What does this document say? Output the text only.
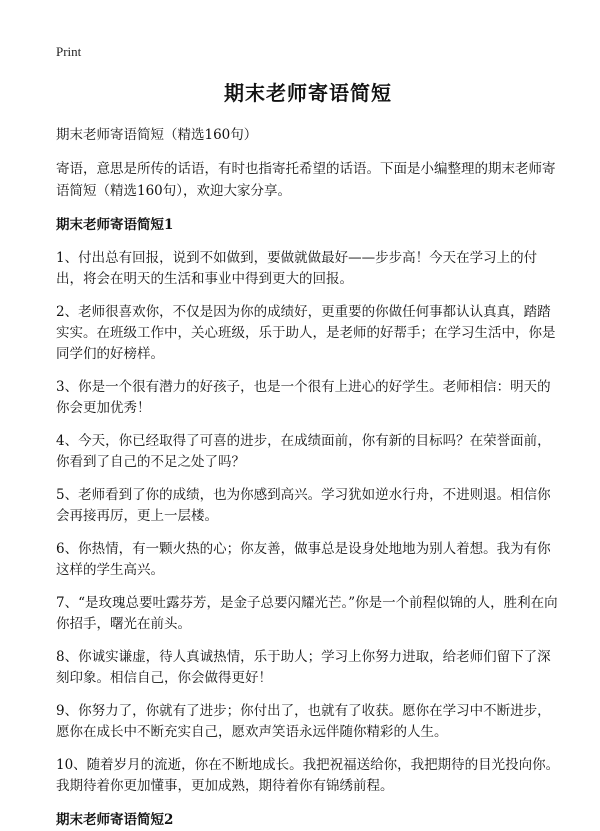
Print
期末老师寄语简短
期末老师寄语简短（精选160句）
寄语，意思是所传的话语，有时也指寄托希望的话语。下面是小编整理的期末老师寄语简短（精选160句），欢迎大家分享。
期末老师寄语简短1
1、付出总有回报，说到不如做到，要做就做最好——步步高！今天在学习上的付出，将会在明天的生活和事业中得到更大的回报。
2、老师很喜欢你，不仅是因为你的成绩好，更重要的你做任何事都认认真真，踏踏实实。在班级工作中，关心班级，乐于助人，是老师的好帮手；在学习生活中，你是同学们的好榜样。
3、你是一个很有潜力的好孩子，也是一个很有上进心的好学生。老师相信：明天的你会更加优秀！
4、今天，你已经取得了可喜的进步，在成绩面前，你有新的目标吗？在荣誉面前，你看到了自己的不足之处了吗？
5、老师看到了你的成绩，也为你感到高兴。学习犹如逆水行舟，不进则退。相信你会再接再厉，更上一层楼。
6、你热情，有一颗火热的心；你友善，做事总是设身处地地为别人着想。我为有你这样的学生高兴。
7、“是玫瑰总要吐露芬芳，是金子总要闪耀光芒。”你是一个前程似锦的人，胜利在向你招手，曙光在前头。
8、你诚实谦虚，待人真诚热情，乐于助人；学习上你努力进取，给老师们留下了深刻印象。相信自己，你会做得更好！
9、你努力了，你就有了进步；你付出了，也就有了收获。愿你在学习中不断进步，愿你在成长中不断充实自己，愿欢声笑语永远伴随你精彩的人生。
10、随着岁月的流逝，你在不断地成长。我把祝福送给你，我把期待的目光投向你。我期待着你更加懂事，更加成熟，期待着你有锦绣前程。
期末老师寄语简短2
